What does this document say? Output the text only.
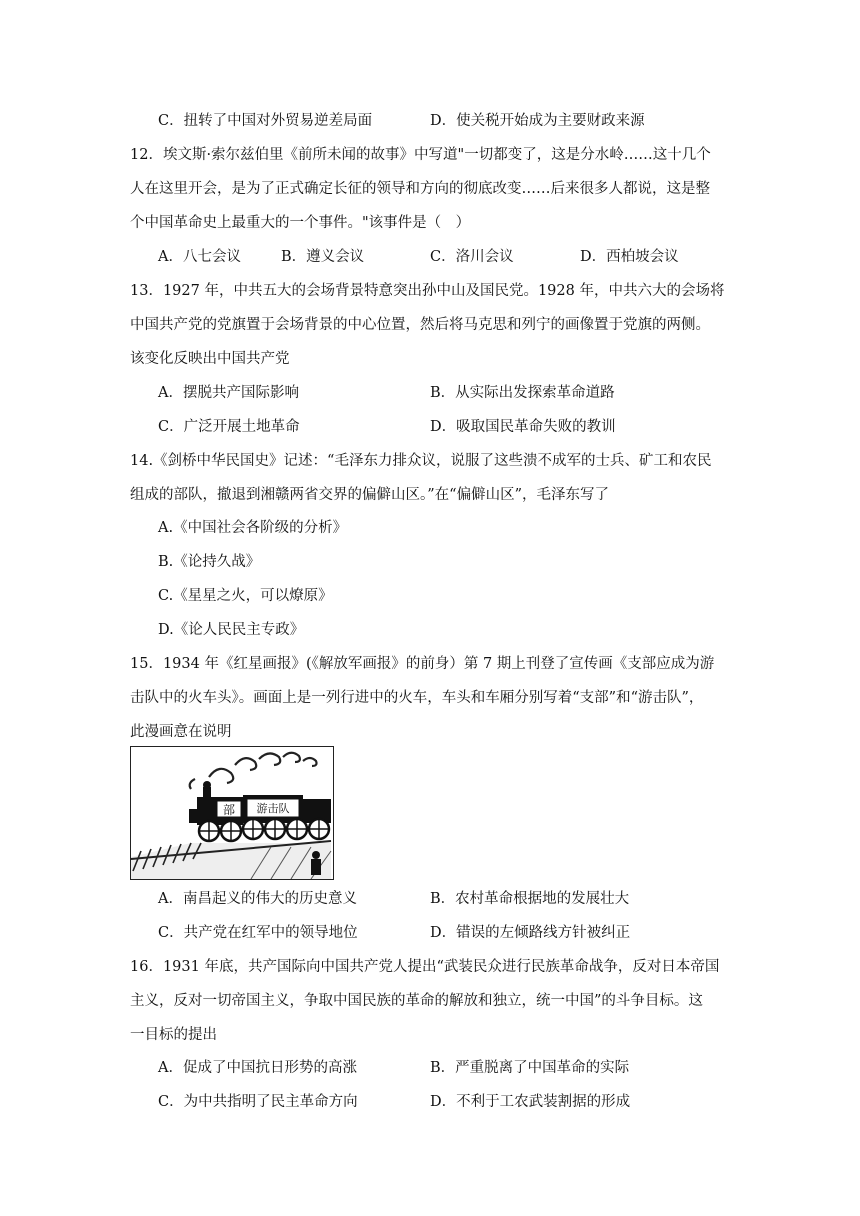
C．扭转了中国对外贸易逆差局面	D．使关税开始成为主要财政来源
12．埃文斯·索尔兹伯里《前所未闻的故事》中写道"一切都变了，这是分水岭……这十几个
人在这里开会，是为了正式确定长征的领导和方向的彻底改变……后来很多人都说，这是整
个中国革命史上最重大的一个事件。"该事件是（　）
A．八七会议	B．遵义会议	C．洛川会议	D．西柏坡会议
13．1927 年，中共五大的会场背景特意突出孙中山及国民党。1928 年，中共六大的会场将
中国共产党的党旗置于会场背景的中心位置，然后将马克思和列宁的画像置于党旗的两侧。
该变化反映出中国共产党
A．摆脱共产国际影响	B．从实际出发探索革命道路
C．广泛开展土地革命	D．吸取国民革命失败的教训
14.《剑桥中华民国史》记述：“毛泽东力排众议，说服了这些溃不成军的士兵、矿工和农民
组成的部队，撤退到湘赣两省交界的偏僻山区。”在“偏僻山区”，毛泽东写了
A.《中国社会各阶级的分析》
B.《论持久战》
C.《星星之火，可以燎原》
D.《论人民民主专政》
15．1934 年《红星画报》(《解放军画报》的前身）第 7 期上刊登了宣传画《支部应成为游
击队中的火车头》。画面上是一列行进中的火车，车头和车厢分别写着“支部”和“游击队”，
此漫画意在说明
部 游击队
A．南昌起义的伟大的历史意义	B．农村革命根据地的发展壮大
C．共产党在红军中的领导地位	D．错误的左倾路线方针被纠正
16．1931 年底，共产国际向中国共产党人提出“武装民众进行民族革命战争，反对日本帝国
主义，反对一切帝国主义，争取中国民族的革命的解放和独立，统一中国”的斗争目标。这
一目标的提出
A．促成了中国抗日形势的高涨	B．严重脱离了中国革命的实际
C．为中共指明了民主革命方向	D．不利于工农武装割据的形成
